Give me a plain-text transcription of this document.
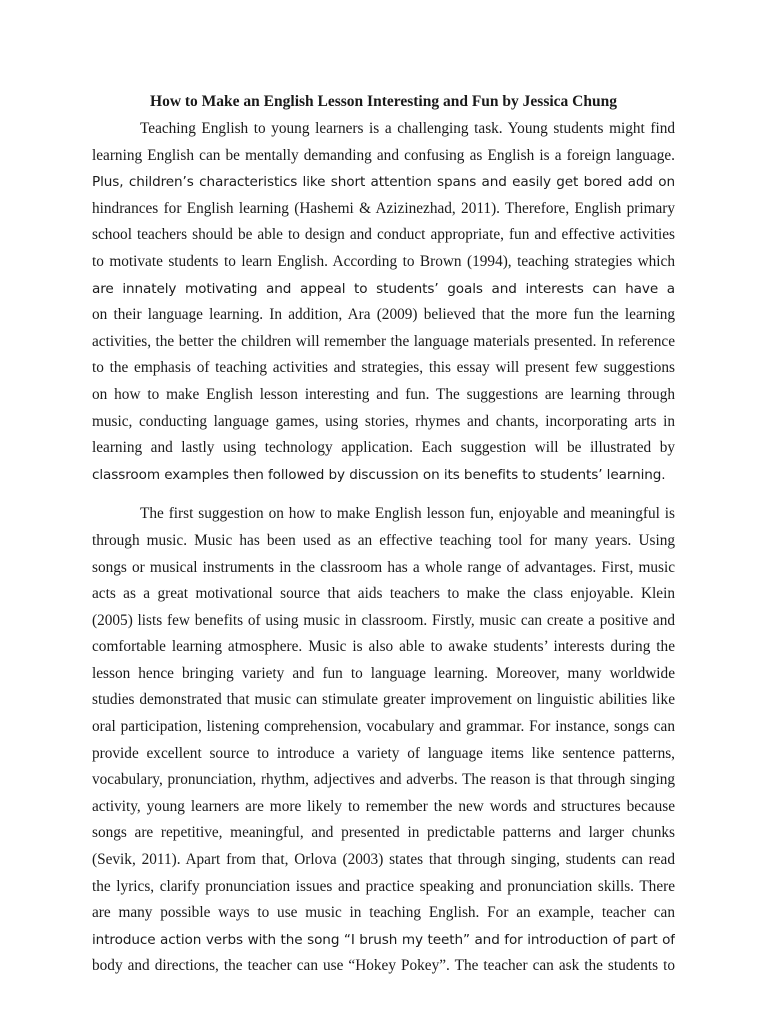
How to Make an English Lesson Interesting and Fun by Jessica Chung
Teaching English to young learners is a challenging task. Young students might find
learning English can be mentally demanding and confusing as English is a foreign language.
Plus, children’s characteristics like short attention spans and easily get bored add on
hindrances for English learning (Hashemi & Azizinezhad, 2011). Therefore, English primary
school teachers should be able to design and conduct appropriate, fun and effective activities
to motivate students to learn English. According to Brown (1994), teaching strategies which
are innately motivating and appeal to students’ goals and interests can have a
on their language learning. In addition, Ara (2009) believed that the more fun the learning
activities, the better the children will remember the language materials presented. In reference
to the emphasis of teaching activities and strategies, this essay will present few suggestions
on how to make English lesson interesting and fun. The suggestions are learning through
music, conducting language games, using stories, rhymes and chants, incorporating arts in
learning and lastly using technology application. Each suggestion will be illustrated by
classroom examples then followed by discussion on its benefits to students’ learning.
The first suggestion on how to make English lesson fun, enjoyable and meaningful is
through music. Music has been used as an effective teaching tool for many years. Using
songs or musical instruments in the classroom has a whole range of advantages. First, music
acts as a great motivational source that aids teachers to make the class enjoyable. Klein
(2005) lists few benefits of using music in classroom. Firstly, music can create a positive and
comfortable learning atmosphere. Music is also able to awake students’ interests during the
lesson hence bringing variety and fun to language learning. Moreover, many worldwide
studies demonstrated that music can stimulate greater improvement on linguistic abilities like
oral participation, listening comprehension, vocabulary and grammar. For instance, songs can
provide excellent source to introduce a variety of language items like sentence patterns,
vocabulary, pronunciation, rhythm, adjectives and adverbs. The reason is that through singing
activity, young learners are more likely to remember the new words and structures because
songs are repetitive, meaningful, and presented in predictable patterns and larger chunks
(Sevik, 2011). Apart from that, Orlova (2003) states that through singing, students can read
the lyrics, clarify pronunciation issues and practice speaking and pronunciation skills. There
are many possible ways to use music in teaching English. For an example, teacher can
introduce action verbs with the song “I brush my teeth” and for introduction of part of
body and directions, the teacher can use “Hokey Pokey”. The teacher can ask the students to
